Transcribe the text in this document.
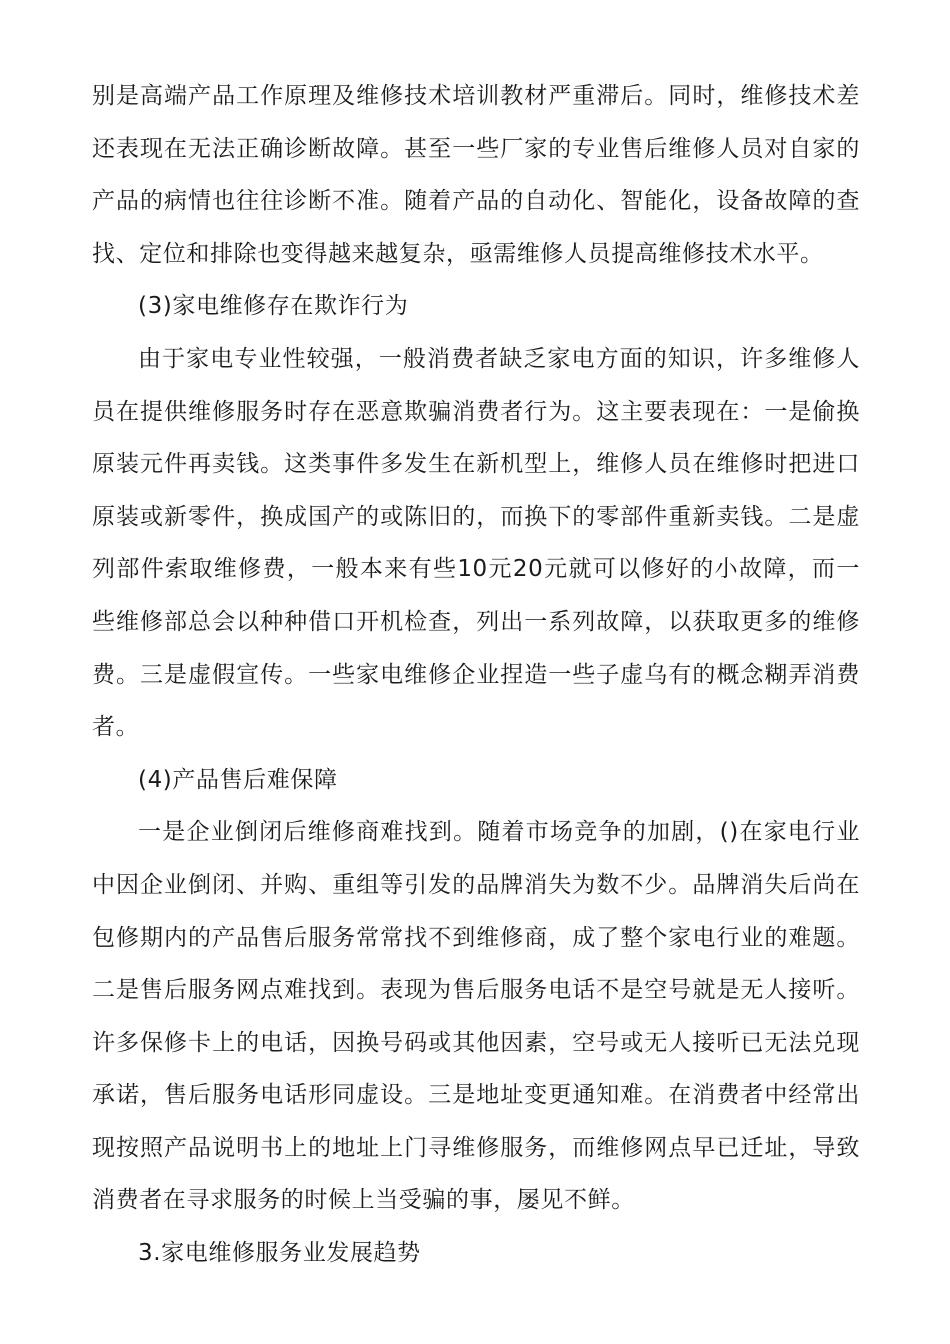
别是高端产品工作原理及维修技术培训教材严重滞后。同时，维修技术差还表现在无法正确诊断故障。甚至一些厂家的专业售后维修人员对自家的产品的病情也往往诊断不准。随着产品的自动化、智能化，设备故障的查找、定位和排除也变得越来越复杂，亟需维修人员提高维修技术水平。

(3)家电维修存在欺诈行为

由于家电专业性较强，一般消费者缺乏家电方面的知识，许多维修人员在提供维修服务时存在恶意欺骗消费者行为。这主要表现在：一是偷换原装元件再卖钱。这类事件多发生在新机型上，维修人员在维修时把进口原装或新零件，换成国产的或陈旧的，而换下的零部件重新卖钱。二是虚列部件索取维修费，一般本来有些10元20元就可以修好的小故障，而一些维修部总会以种种借口开机检查，列出一系列故障，以获取更多的维修费。三是虚假宣传。一些家电维修企业捏造一些子虚乌有的概念糊弄消费者。

(4)产品售后难保障

一是企业倒闭后维修商难找到。随着市场竞争的加剧，()在家电行业中因企业倒闭、并购、重组等引发的品牌消失为数不少。品牌消失后尚在包修期内的产品售后服务常常找不到维修商，成了整个家电行业的难题。二是售后服务网点难找到。表现为售后服务电话不是空号就是无人接听。许多保修卡上的电话，因换号码或其他因素，空号或无人接听已无法兑现承诺，售后服务电话形同虚设。三是地址变更通知难。在消费者中经常出现按照产品说明书上的地址上门寻维修服务，而维修网点早已迁址，导致消费者在寻求服务的时候上当受骗的事，屡见不鲜。

3.家电维修服务业发展趋势
